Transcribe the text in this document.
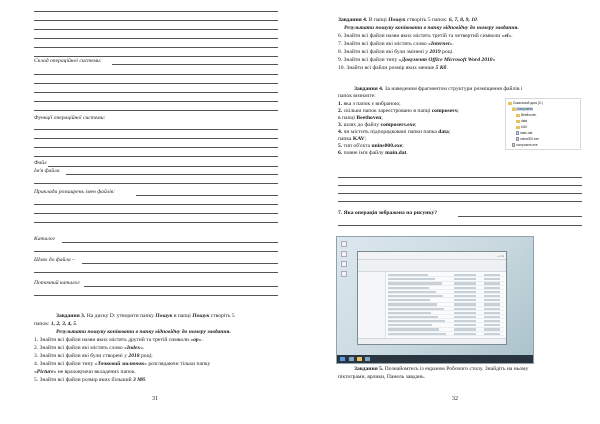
Склад операційної системи:
Функції операційної системи:
Файл
Ім'я файла
Приклади розширень імен файлів:
Каталог
Шлях до файла –
Поточний каталог
Завдання 3. На диску D: утворити папку Пошук в папці Пошук створіть 5
папок: 1, 2, 3, 4, 5.
Результати пошуку копіювати в папку відповідну до номеру завдання.
31
1. Знайти всі файли назви яких містять другий та третій символи «ор».
2. Знайти всі файли які містять слово «Index».
3. Знайти всі файли які були створені у 2018 році;
4. Знайти всі файли типу «Точковий малюнок» розглядаючи тільки папку
«Picture» не враховуючи вкладених папок.
5. Знайти всі файли розмір яких більший 3 Мб.
Завдання 4. В папці Пошук створіть 5 папок: 6, 7, 8, 9, 10.
Результати пошуку копіювати в папку відповідну до номеру завдання.
Завдання 4. За наведеним фрагментом структури розміщення файлів і
папок визначте:
Локальный диск (C:)
composers
Beethoven
data
KAV
main.dat
unins000.exe
composers.exe
7. Яка операція зображена на рисунку?
Завдання 5. Познайомтесь із екраном Робочого столу. Знайдіть на ньому
піктограми, ярлики, Панель завдань.
32
6. Знайти всі файли назви яких містять третій та четвертий символи «el».
7. Знайти всі файли які містять слово «Internet».
8. Знайти всі файли які були змінені у 2019 році.
9. Знайти всі файли типу «Документ Office Microsoft Word 2010»
10. Знайти всі файли розмір яких менше 5 Кб.
1. яка з папок є вибраною;
2. скільки папок зареєстровано в папці composers;
в папці Beethoven;
3. шлях до файлу composers.exe;
4. чи містить підпорядковані папки папка data;
папка KAV;
5. тип об'єкта unins000.exe;
6. повне ім'я файлу main.dat.
– □ ×
